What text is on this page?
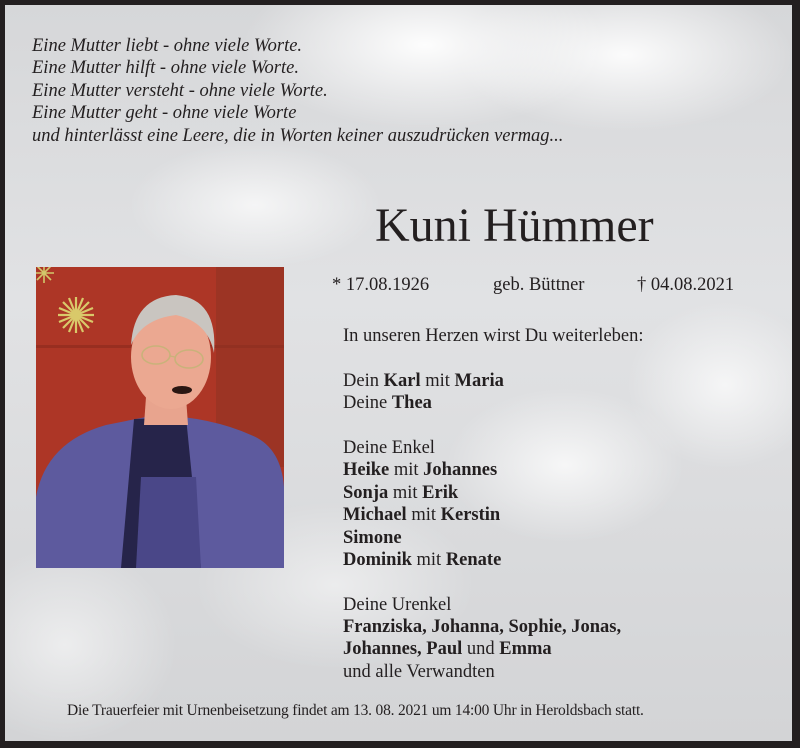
Eine Mutter liebt - ohne viele Worte.
Eine Mutter hilft - ohne viele Worte.
Eine Mutter versteht - ohne viele Worte.
Eine Mutter geht - ohne viele Worte
und hinterlässt eine Leere, die in Worten keiner auszudrücken vermag...
Kuni Hümmer
* 17.08.1926	geb. Büttner	† 04.08.2021
In unseren Herzen wirst Du weiterleben:
Dein Karl mit Maria
Deine Thea
Deine Enkel
Heike mit Johannes
Sonja mit Erik
Michael mit Kerstin
Simone
Dominik mit Renate
Deine Urenkel
Franziska, Johanna, Sophie, Jonas,
Johannes, Paul und Emma
und alle Verwandten
Die Trauerfeier mit Urnenbeisetzung findet am 13. 08. 2021 um 14:00 Uhr in Heroldsbach statt.
